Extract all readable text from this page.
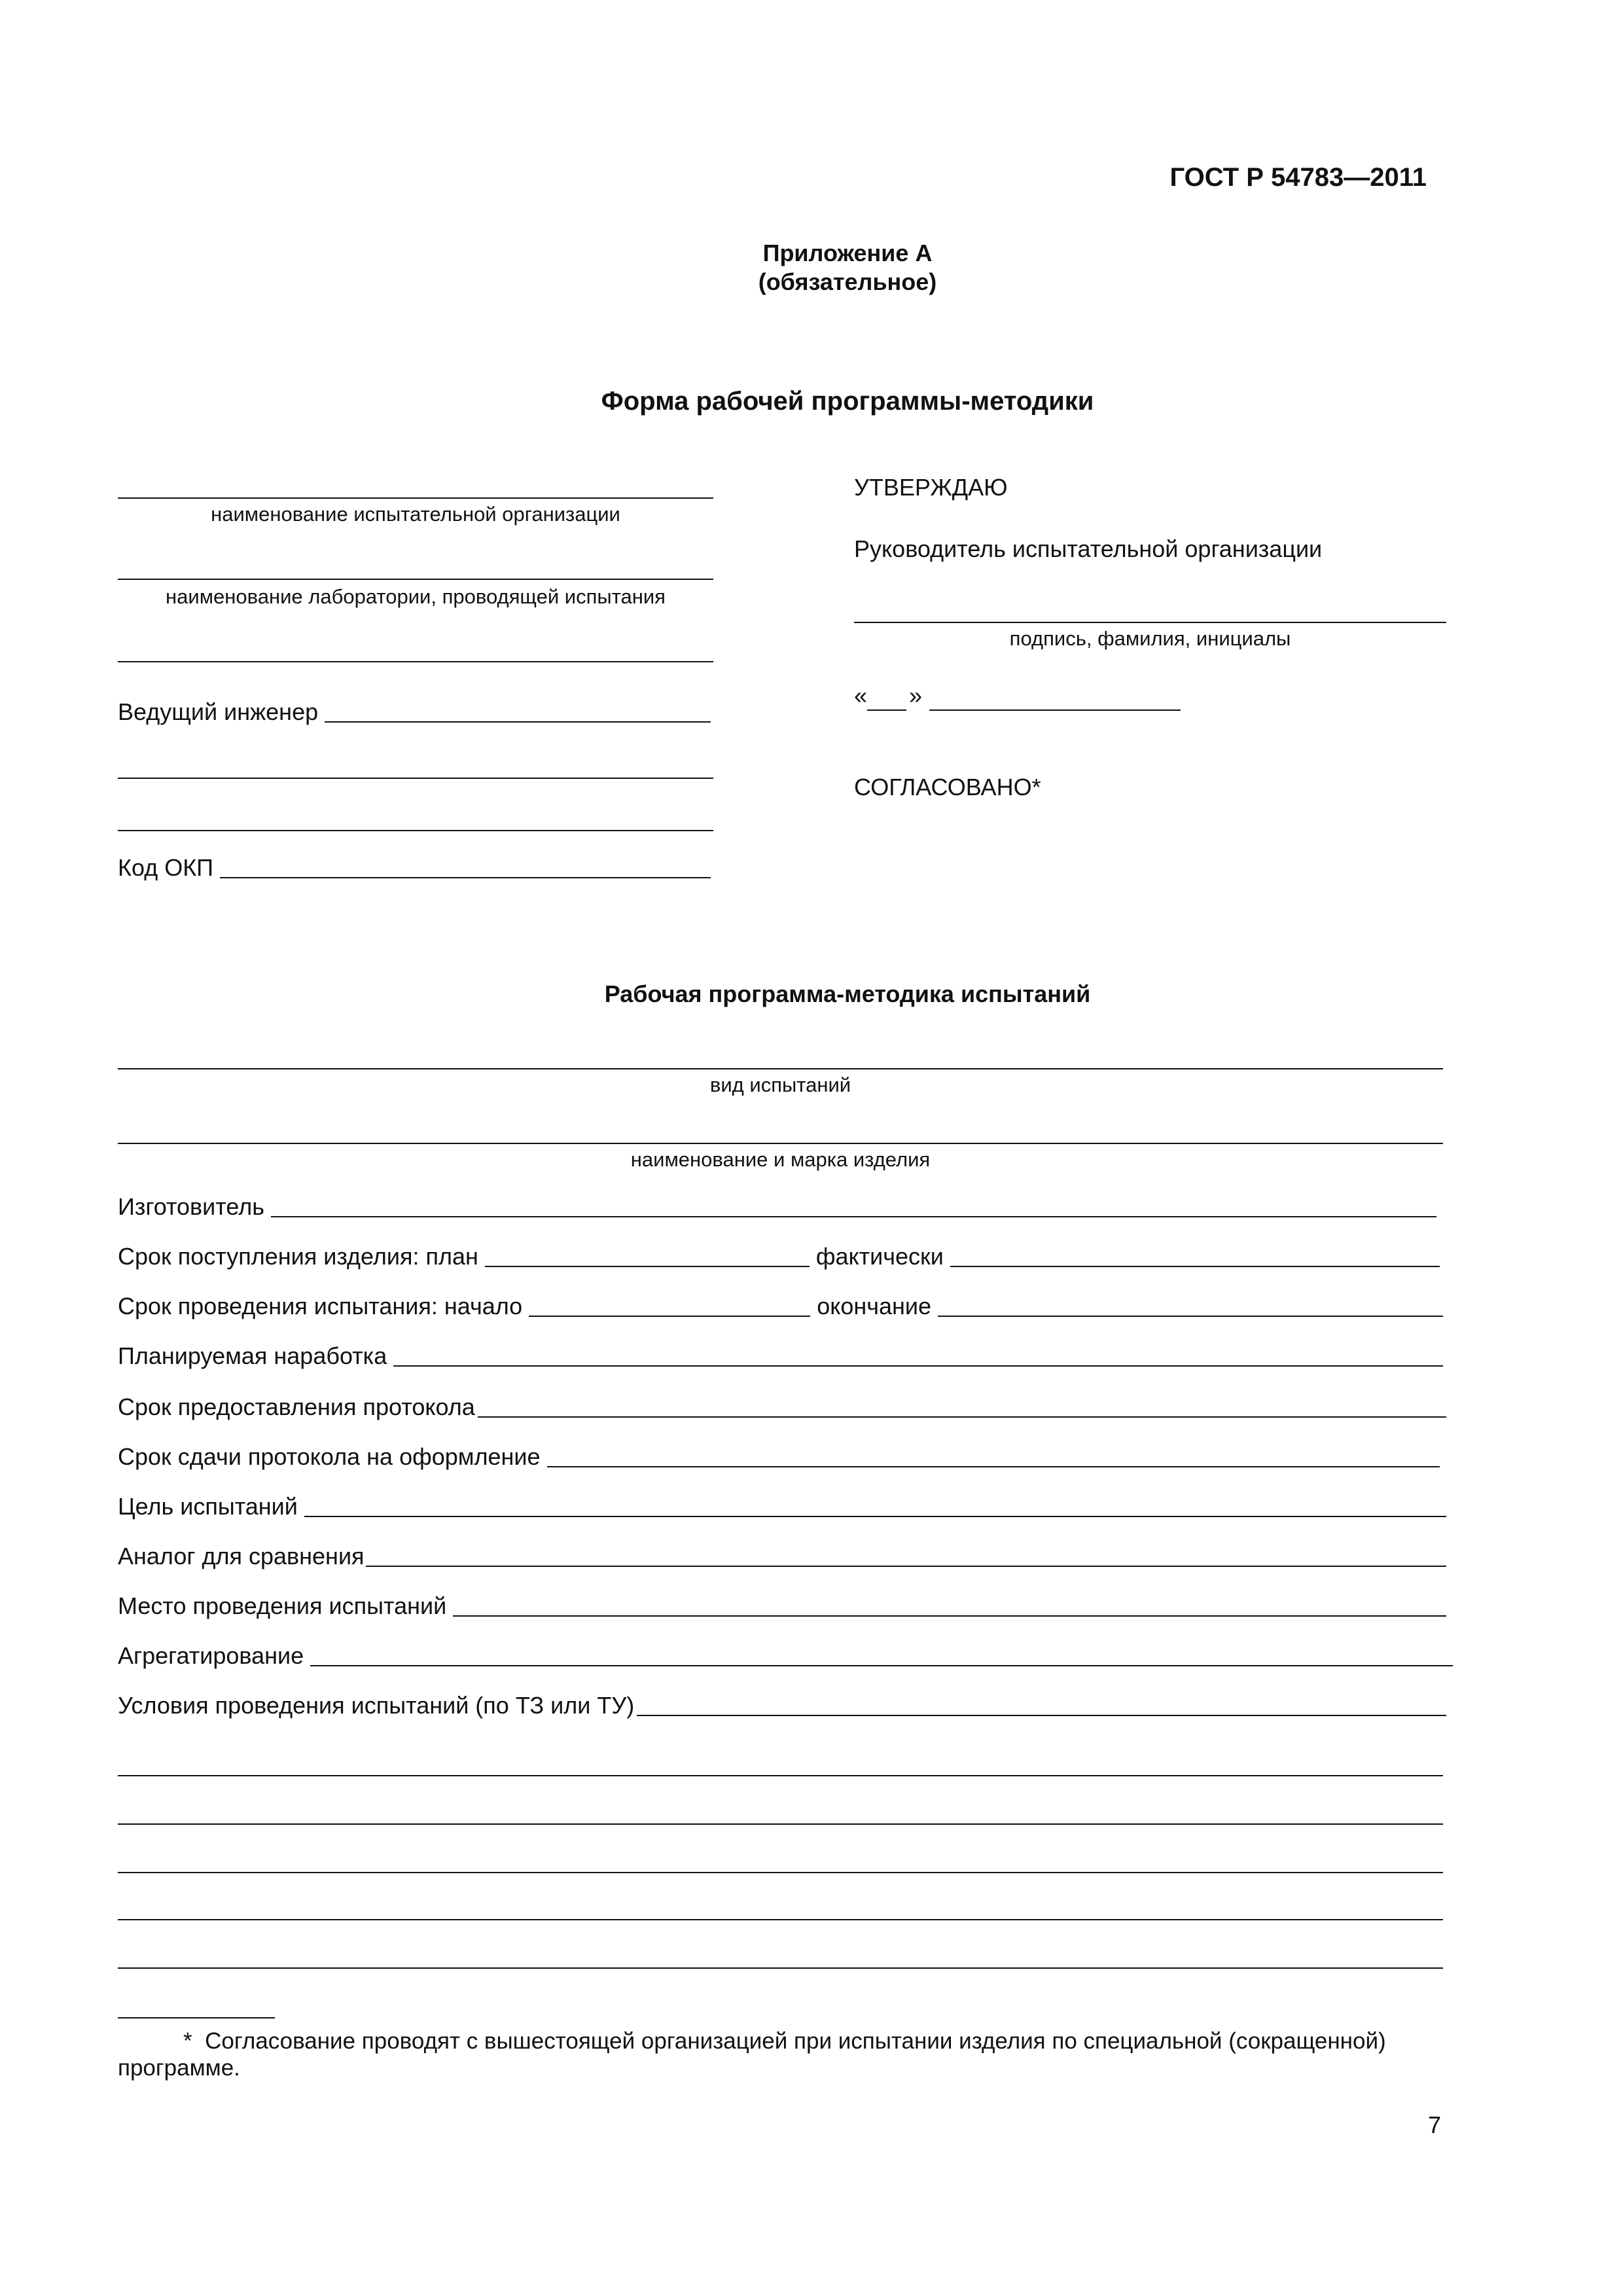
ГОСТ Р 54783—2011
Приложение А
(обязательное)
Форма рабочей программы-методики
наименование испытательной организации
наименование лаборатории, проводящей испытания
Ведущий инженер
Код ОКП
УТВЕРЖДАЮ
Руководитель испытательной организации
подпись, фамилия, инициалы
« »
СОГЛАСОВАНО*
Рабочая программа-методика испытаний
вид испытаний
наименование и марка изделия
Изготовитель
Срок поступления изделия: план	фактически
Срок проведения испытания: начало	окончание
Планируемая наработка
Срок предоставления протокола
Срок сдачи протокола на оформление
Цель испытаний
Аналог для сравнения
Место проведения испытаний
Агрегатирование
Условия проведения испытаний (по ТЗ или ТУ)
* Согласование проводят с вышестоящей организацией при испытании изделия по специальной (сокращенной) программе.
7
